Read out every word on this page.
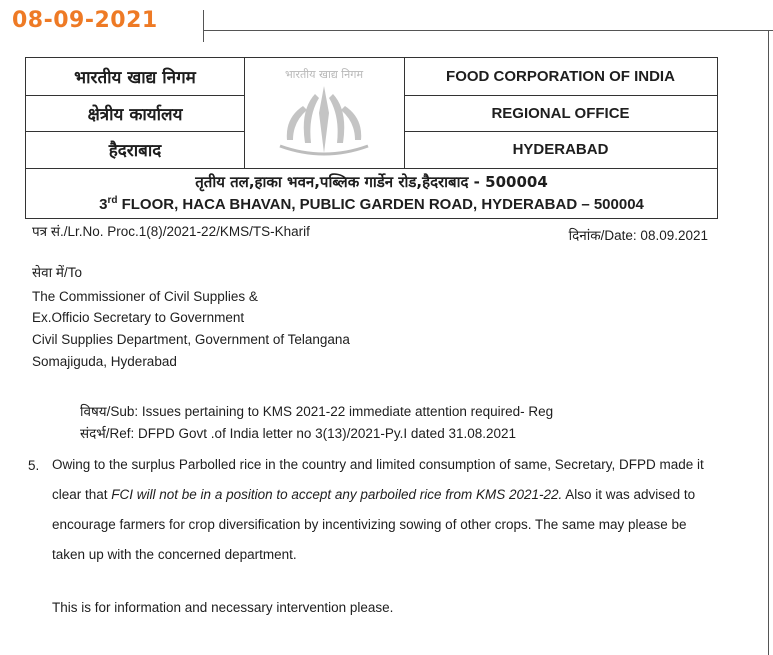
08-09-2021
भारतीय खाद्य निगम
क्षेत्रीय कार्यालय
हैदराबाद
FOOD CORPORATION OF INDIA
REGIONAL OFFICE
HYDERABAD
भारतीय खाद्य निगम
तृतीय तल,हाका भवन,पब्लिक गार्डेन रोड,हैदराबाद - 500004
3rd FLOOR, HACA BHAVAN, PUBLIC GARDEN ROAD, HYDERABAD – 500004
पत्र सं./Lr.No. Proc.1(8)/2021-22/KMS/TS-Kharif	दिनांक/Date: 08.09.2021
सेवा में/To
The Commissioner of Civil Supplies &
Ex.Officio Secretary to Government
Civil Supplies Department, Government of Telangana
Somajiguda, Hyderabad
विषय/Sub: Issues pertaining to KMS 2021-22 immediate attention required- Reg
संदर्भ/Ref: DFPD Govt .of India letter no 3(13)/2021-Py.I dated 31.08.2021
5. Owing to the surplus Parbolled rice in the country and limited consumption of same, Secretary, DFPD made it clear that FCI will not be in a position to accept any parboiled rice from KMS 2021-22. Also it was advised to encourage farmers for crop diversification by incentivizing sowing of other crops. The same may please be taken up with the concerned department.
This is for information and necessary intervention please.
